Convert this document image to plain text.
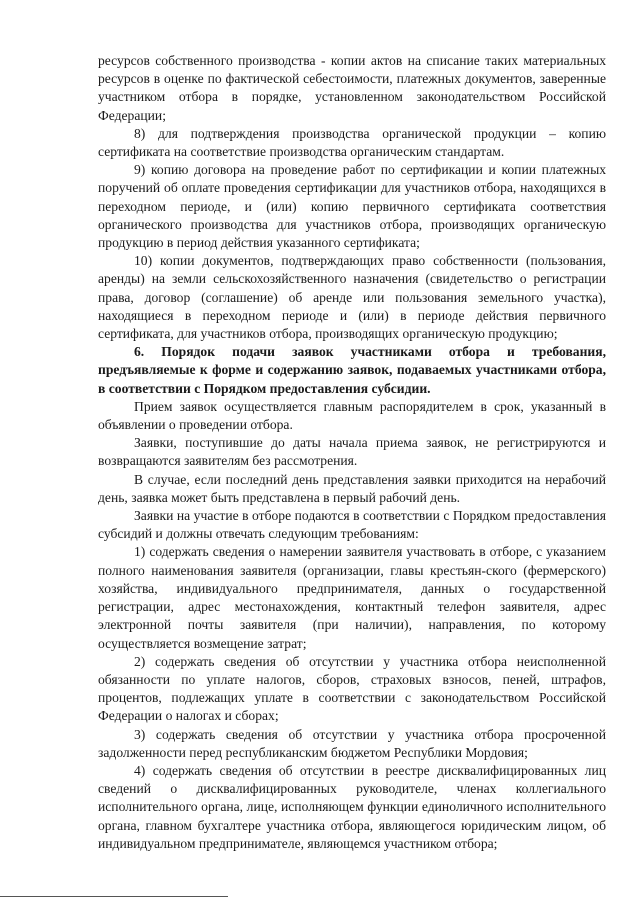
ресурсов собственного производства - копии актов на списание таких материальных ресурсов в оценке по фактической себестоимости, платежных документов, заверенные участником отбора в порядке, установленном законодательством Российской Федерации;

8) для подтверждения производства органической продукции – копию сертификата на соответствие производства органическим стандартам.

9) копию договора на проведение работ по сертификации и копии платежных поручений об оплате проведения сертификации для участников отбора, находящихся в переходном периоде, и (или) копию первичного сертификата соответствия органического производства для участников отбора, производящих органическую продукцию в период действия указанного сертификата;

10) копии документов, подтверждающих право собственности (пользования, аренды) на земли сельскохозяйственного назначения (свидетельство о регистрации права, договор (соглашение) об аренде или пользования земельного участка), находящиеся в переходном периоде и (или) в периоде действия первичного сертификата, для участников отбора, производящих органическую продукцию;

6. Порядок подачи заявок участниками отбора и требования, предъявляемые к форме и содержанию заявок, подаваемых участниками отбора, в соответствии с Порядком предоставления субсидии.

Прием заявок осуществляется главным распорядителем в срок, указанный в объявлении о проведении отбора.

Заявки, поступившие до даты начала приема заявок, не регистрируются и возвращаются заявителям без рассмотрения.

В случае, если последний день представления заявки приходится на нерабочий день, заявка может быть представлена в первый рабочий день.

Заявки на участие в отборе подаются в соответствии с Порядком предоставления субсидий и должны отвечать следующим требованиям:

1) содержать сведения о намерении заявителя участвовать в отборе, с указанием полного наименования заявителя (организации, главы крестьян-ского (фермерского) хозяйства, индивидуального предпринимателя, данных о государственной регистрации, адрес местонахождения, контактный телефон заявителя, адрес электронной почты заявителя (при наличии), направления, по которому осуществляется возмещение затрат;

2) содержать сведения об отсутствии у участника отбора неисполненной обязанности по уплате налогов, сборов, страховых взносов, пеней, штрафов, процентов, подлежащих уплате в соответствии с законодательством Российской Федерации о налогах и сборах;

3) содержать сведения об отсутствии у участника отбора просроченной задолженности перед республиканским бюджетом Республики Мордовия;

4) содержать сведения об отсутствии в реестре дисквалифицированных лиц сведений о дисквалифицированных руководителе, членах коллегиального исполнительного органа, лице, исполняющем функции единоличного исполнительного органа, главном бухгалтере участника отбора, являющегося юридическим лицом, об индивидуальном предпринимателе, являющемся участником отбора;
